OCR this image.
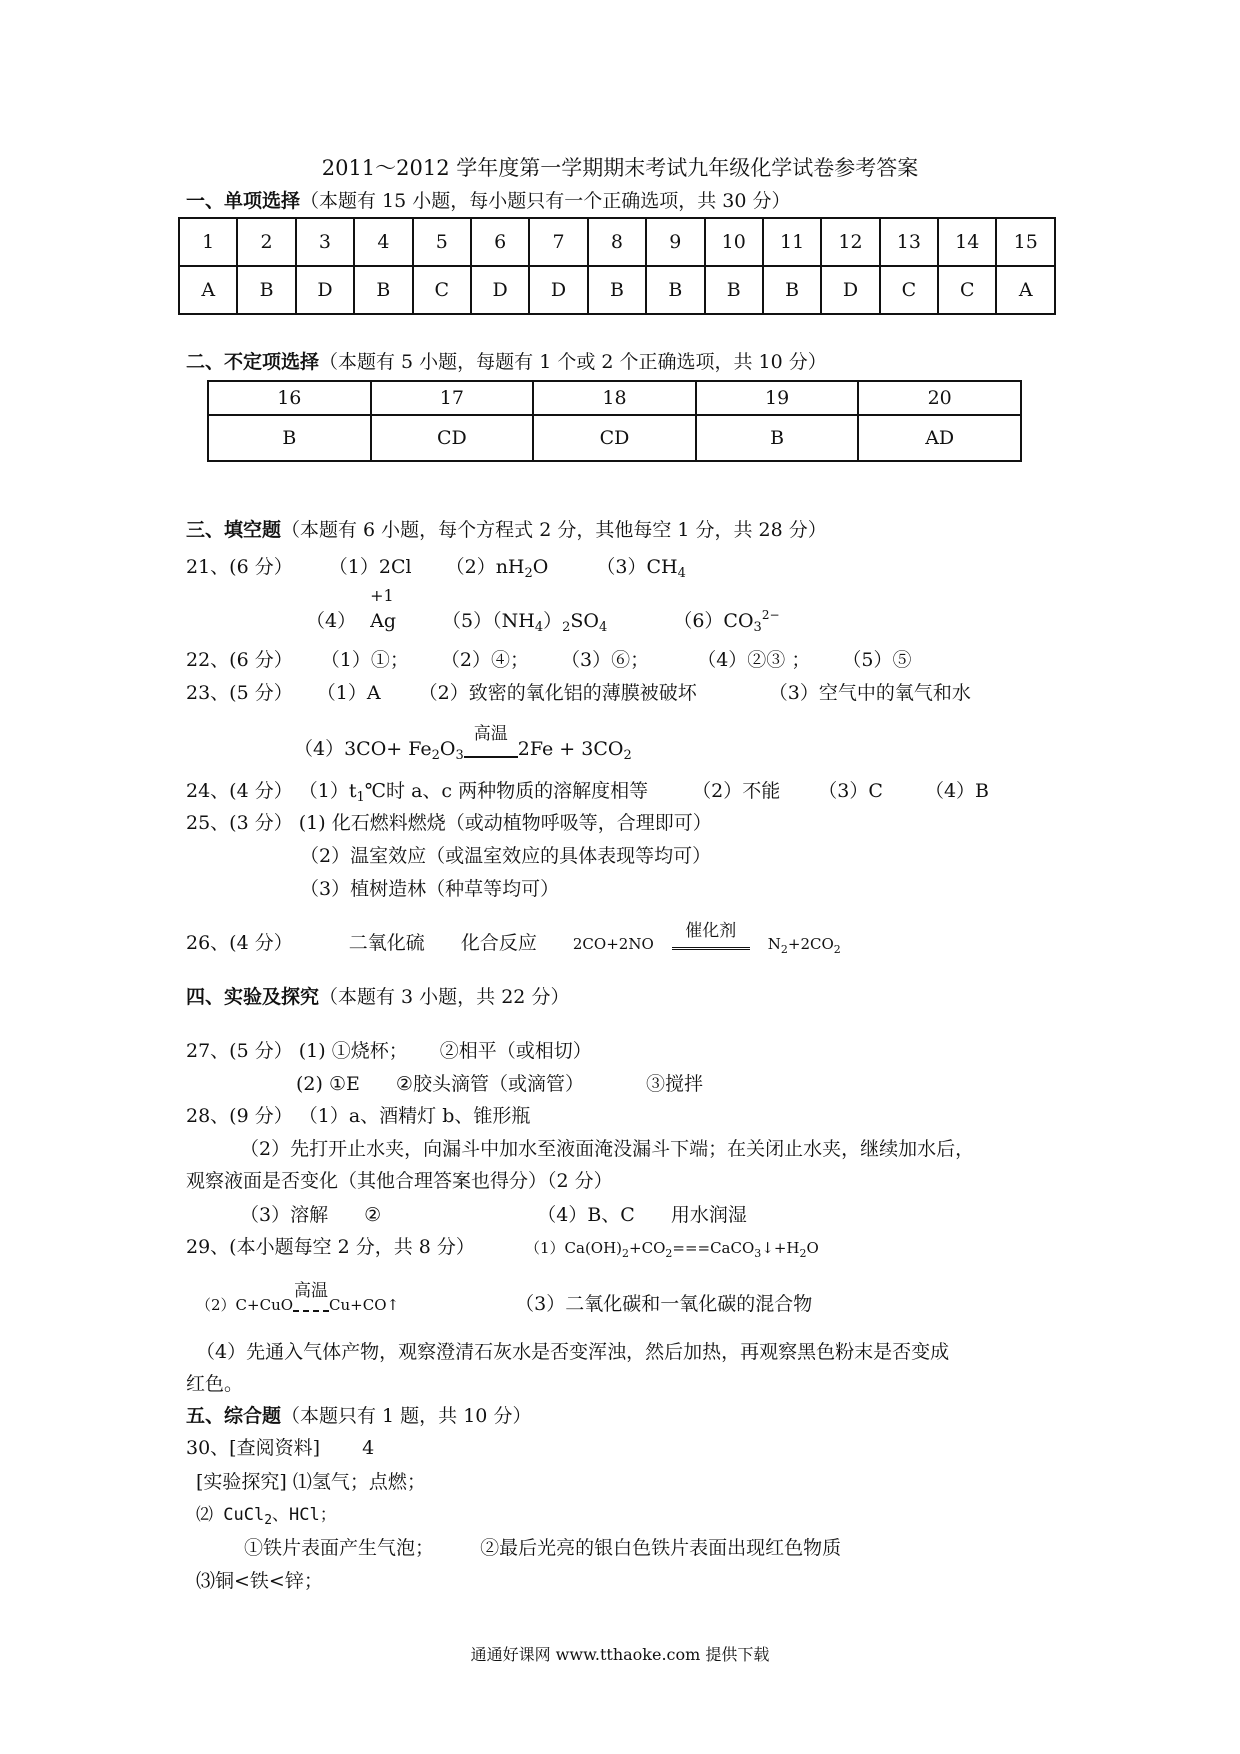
2011～2012 学年度第一学期期末考试九年级化学试卷参考答案
一、单项选择（本题有 15 小题，每小题只有一个正确选项，共 30 分）
1	2	3	4	5	6	7	8	9	10	11	12	13	14	15
A	B	D	B	C	D	D	B	B	B	B	D	C	C	A
二、不定项选择（本题有 5 小题，每题有 1 个或 2 个正确选项，共 10 分）
16	17	18	19	20
B	CD	CD	B	AD
三、填空题（本题有 6 小题，每个方程式 2 分，其他每空 1 分，共 28 分）
21、(6 分） （1）2Cl $(2)nH_2O$	$(3)CH_4$
（4）
+1
Ag $(5)(NH_4)_2SO_4$	$(6)CO_3^{2-}$
22、(6 分） （1）①； （2）④； （3）⑥；	（4）②③ ； （5）⑤
23、(5 分） （1）A （2）致密的氧化铝的薄膜被破坏	（3）空气中的氧气和水
$(4)3CO+ Fe_2O_3$
高温
$2Fe + 3CO_2$
24、(4 分） $(1)t_1℃$时 a、c 两种物质的溶解度相等 （2）不能 （3）C （4）B
25、(3 分） (1) 化石燃料燃烧（或动植物呼吸等，合理即可）
（2）温室效应（或温室效应的具体表现等均可）
（3）植树造林（种草等均可）
26、(4 分）	二氧化硫 化合反应 2CO+2NO
催化剂
$N_2+2CO_2$
四、实验及探究（本题有 3 小题，共 22 分）
27、(5 分） (1) ①烧杯； ②相平（或相切）
(2) ①E ②胶头滴管（或滴管）	③搅拌
28、(9 分） （1）a、酒精灯 b、锥形瓶
（2）先打开止水夹，向漏斗中加水至液面淹没漏斗下端；在关闭止水夹，继续加水后，
观察液面是否变化（其他合理答案也得分）（2 分）
（3）溶解 ②	（4）B、C 用水润湿
29、(本小题每空 2 分，共 8 分）	$(1)Ca(OH)_2+CO_2===CaCO_3↓+H_2O$
（2）C+CuO
高温
Cu+CO↑	（3）二氧化碳和一氧化碳的混合物
（4）先通入气体产物，观察澄清石灰水是否变浑浊，然后加热，再观察黑色粉末是否变成
红色。
五、综合题（本题只有 1 题，共 10 分）
30、[查阅资料] 4
[实验探究] ⑴氢气；点燃；
⑵ CuCl$_2$、HCl；
①铁片表面产生气泡； ②最后光亮的银白色铁片表面出现红色物质
⑶铜<铁<锌；
通通好课网 www.tthaoke.com 提供下载
